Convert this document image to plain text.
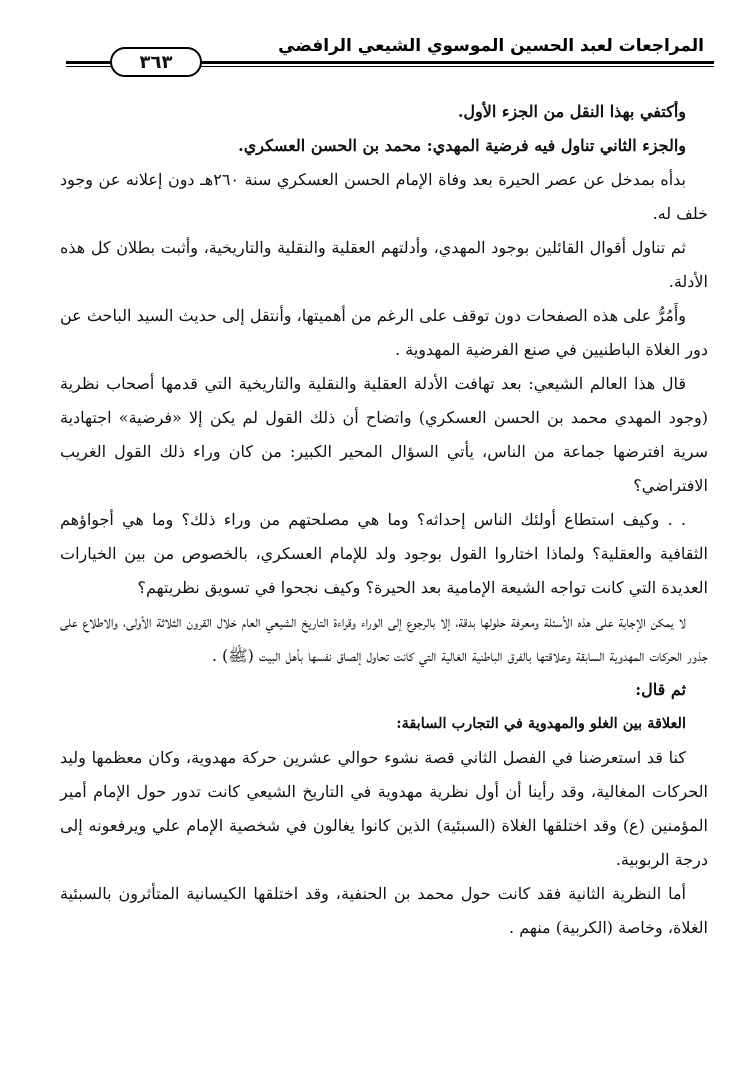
المراجعات لعبد الحسين الموسوي الشيعي الرافضي
٣٦٣

وأكتفي بهذا النقل من الجزء الأول.

والجزء الثاني تناول فيه فرضية المهدي: محمد بن الحسن العسكري.

بدأه بمدخل عن عصر الحيرة بعد وفاة الإمام الحسن العسكري سنة ٢٦٠هـ دون إعلانه عن وجود خلف له.

ثم تناول أقوال القائلين بوجود المهدي، وأدلتهم العقلية والنقلية والتاريخية، وأثبت بطلان كل هذه الأدلة.

وأَمُرُّ على هذه الصفحات دون توقف على الرغم من أهميتها، وأنتقل إلى حديث السيد الباحث عن دور الغلاة الباطنيين في صنع الفرضية المهدوية .

قال هذا العالم الشيعي: بعد تهافت الأدلة العقلية والنقلية والتاريخية التي قدمها أصحاب نظرية (وجود المهدي محمد بن الحسن العسكري) واتضاح أن ذلك القول لم يكن إلا «فرضية» اجتهادية سرية افترضها جماعة من الناس، يأتي السؤال المحير الكبير: من كان وراء ذلك القول الغريب الافتراضي؟

. . وكيف استطاع أولئك الناس إحداثه؟ وما هي مصلحتهم من وراء ذلك؟ وما هي أجواؤهم الثقافية والعقلية؟ ولماذا اختاروا القول بوجود ولد للإمام العسكري، بالخصوص من بين الخيارات العديدة التي كانت تواجه الشيعة الإمامية بعد الحيرة؟ وكيف نجحوا في تسويق نظريتهم؟

لا يمكن الإجابة على هذه الأسئلة ومعرفة حلولها بدقة، إلا بالرجوع إلى الوراء وقراءة التاريخ الشيعي العام خلال القرون الثلاثة الأولى، والاطلاع على جذور الحركات المهدوية السابقة وعلاقتها بالفرق الباطنية الغالية التي كانت تحاول إلصاق نفسها بأهل البيت (ﷺ) .

ثم قال:

العلاقة بين الغلو والمهدوية في التجارب السابقة:

كنا قد استعرضنا في الفصل الثاني قصة نشوء حوالي عشرين حركة مهدوية، وكان معظمها وليد الحركات المغالية، وقد رأينا أن أول نظرية مهدوية في التاريخ الشيعي كانت تدور حول الإمام أمير المؤمنين (ع) وقد اختلقها الغلاة (السبئية) الذين كانوا يغالون في شخصية الإمام علي ويرفعونه إلى درجة الربوبية.

أما النظرية الثانية فقد كانت حول محمد بن الحنفية، وقد اختلقها الكيسانية المتأثرون بالسبئية الغلاة، وخاصة (الكربية) منهم .
